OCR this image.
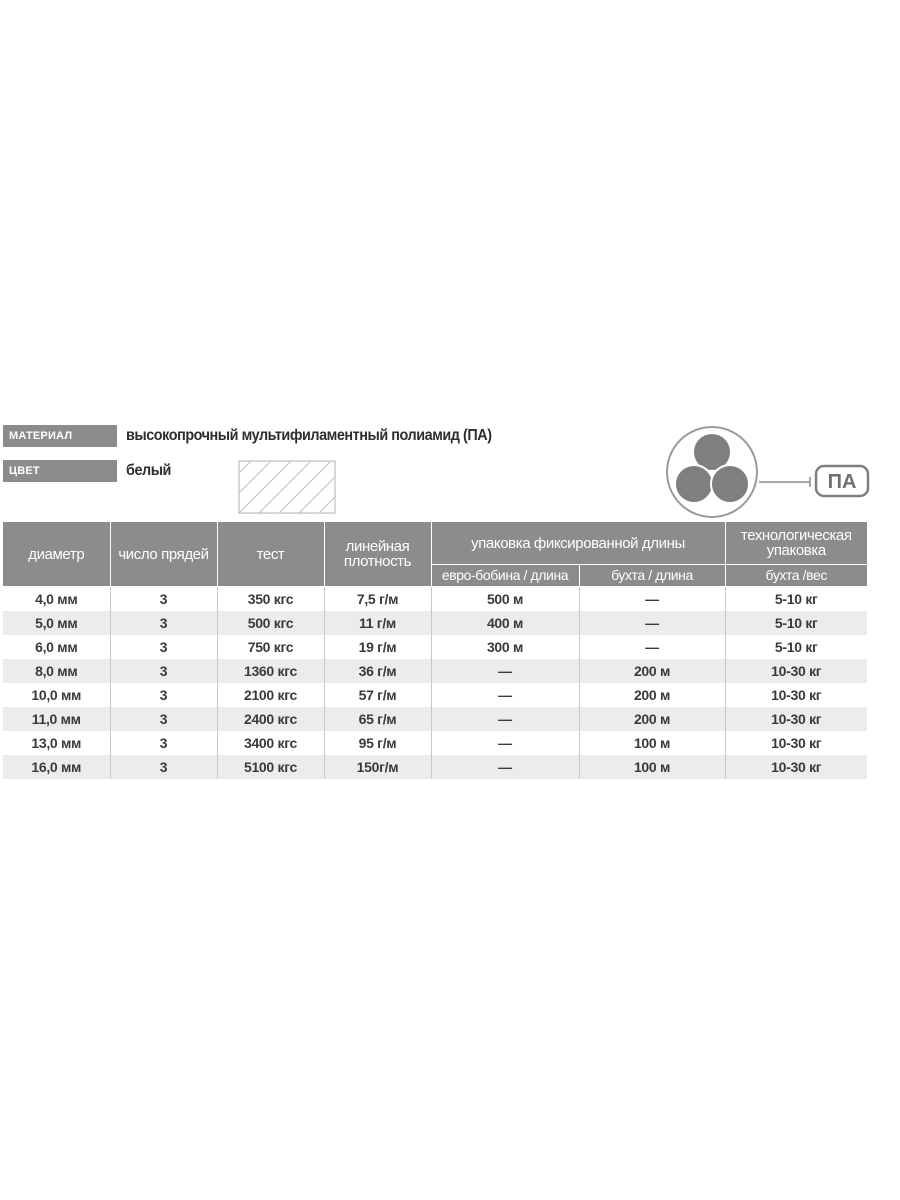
МАТЕРИАЛ	высокопрочный мультифиламентный полиамид (ПА)
ЦВЕТ	белый
ПА
диаметр	число прядей	тест	линейная плотность	упаковка фиксированной длины		технологическая упаковка
				евро-бобина / длина	бухта / длина	бухта /вес
4,0 мм	3	350 кгс	7,5 г/м	500 м	—	5-10 кг
5,0 мм	3	500 кгс	11 г/м	400 м	—	5-10 кг
6,0 мм	3	750 кгс	19 г/м	300 м	—	5-10 кг
8,0 мм	3	1360 кгс	36 г/м	—	200 м	10-30 кг
10,0 мм	3	2100 кгс	57 г/м	—	200 м	10-30 кг
11,0 мм	3	2400 кгс	65 г/м	—	200 м	10-30 кг
13,0 мм	3	3400 кгс	95 г/м	—	100 м	10-30 кг
16,0 мм	3	5100 кгс	150г/м	—	100 м	10-30 кг
